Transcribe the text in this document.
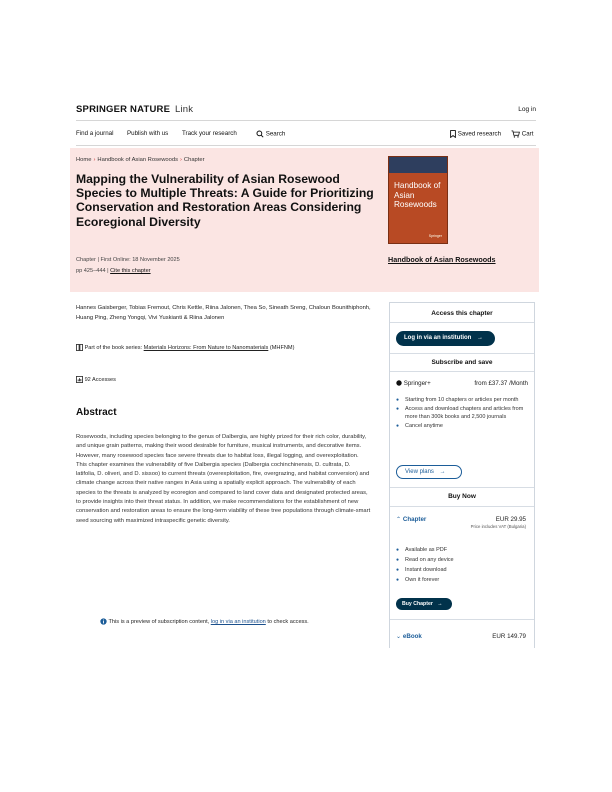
SPRINGER NATURE Link	Log in
Find a journal Publish with us Track your research	Search	Saved research	Cart
Home › Handbook of Asian Rosewoods › Chapter
Mapping the Vulnerability of Asian Rosewood Species to Multiple Threats: A Guide for Prioritizing Conservation and Restoration Areas Considering Ecoregional Diversity
Chapter | First Online: 18 November 2025
pp 425–444 | Cite this chapter
Handbook of Asian Rosewoods
Springer
Handbook of Asian Rosewoods
Hannes Gaisberger, Tobias Fremout, Chris Kettle, Riina Jalonen, Thea So, Sineath Sreng, Chaloun Bounithiphonh, Huang Ping, Zheng Yongqi, Vivi Yuskianti & Riina Jalonen
Part of the book series: Materials Horizons: From Nature to Nanomaterials (MHFNM)
92 Accesses
Abstract

Rosewoods, including species belonging to the genus of Dalbergia, are highly prized for their rich color, durability, and unique grain patterns, making their wood desirable for furniture, musical instruments, and decorative items. However, many rosewood species face severe threats due to habitat loss, illegal logging, and overexploitation. This chapter examines the vulnerability of five Dalbergia species (Dalbergia cochinchinensis, D. cultrata, D. latifolia, D. oliveri, and D. sissoo) to current threats (overexploitation, fire, overgrazing, and habitat conversion) and climate change across their native ranges in Asia using a spatially explicit approach. The vulnerability of each species to the threats is analyzed by ecoregion and compared to land cover data and designated protected areas, to provide insights into their threat status. In addition, we make recommendations for the establishment of new conservation and restoration areas to ensure the long-term viability of these tree populations through climate-smart seed sourcing with maximized intraspecific genetic diversity.

This is a preview of subscription content, log in via an institution to check access.
Access this chapter
Log in via an institution →
Subscribe and save
Springer+	from £37.37 /Month
● Starting from 10 chapters or articles per month
● Access and download chapters and articles from more than 300k books and 2,500 journals
● Cancel anytime
View plans →
Buy Now
⌃ Chapter	EUR 29.95
Price includes VAT (Bulgaria)
● Available as PDF
● Read on any device
● Instant download
● Own it forever
Buy Chapter →
⌄ eBook	EUR 149.79
